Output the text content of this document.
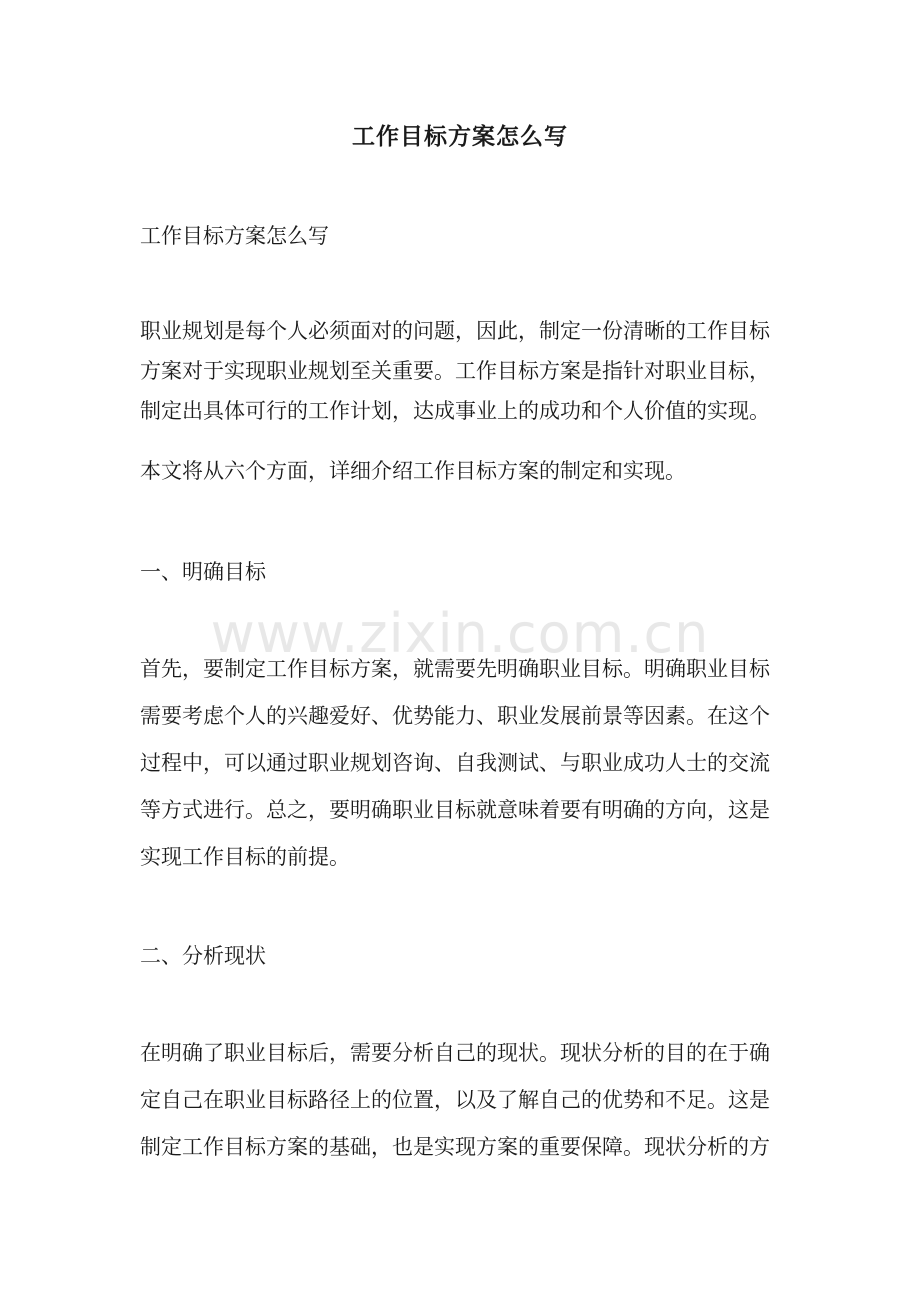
工作目标方案怎么写

工作目标方案怎么写

职业规划是每个人必须面对的问题，因此，制定一份清晰的工作目标

方案对于实现职业规划至关重要。工作目标方案是指针对职业目标，

制定出具体可行的工作计划，达成事业上的成功和个人价值的实现。

本文将从六个方面，详细介绍工作目标方案的制定和实现。

一、明确目标

首先，要制定工作目标方案，就需要先明确职业目标。明确职业目标

需要考虑个人的兴趣爱好、优势能力、职业发展前景等因素。在这个

过程中，可以通过职业规划咨询、自我测试、与职业成功人士的交流

等方式进行。总之，要明确职业目标就意味着要有明确的方向，这是

实现工作目标的前提。

二、分析现状

在明确了职业目标后，需要分析自己的现状。现状分析的目的在于确

定自己在职业目标路径上的位置，以及了解自己的优势和不足。这是

制定工作目标方案的基础，也是实现方案的重要保障。现状分析的方

www.zixin.com.cn
